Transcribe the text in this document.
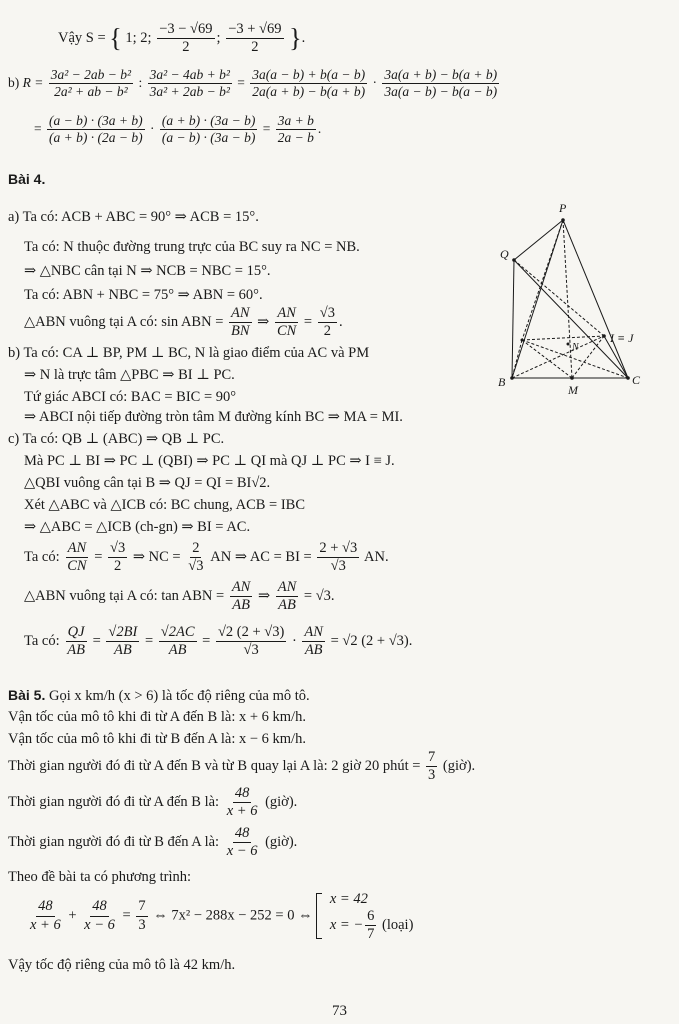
Vậy S = { 1; 2; $\frac{-3 - √69}{2}$ ; $\frac{-3 + √69}{2}$ }.
b) $R = \frac{\text{3a² − 2ab − b²}}{\text{2a² + ab − b²}}$ : $\frac{\text{3a² − 4ab + b²}}{\text{3a² + 2ab − b²}} = \frac{3a(a - b) + b(a - b)}{2a(a + b) - b(a + b)} \cdot \frac{3a(a + b) - b(a + b)}{3a(a - b) - b(a - b)}$
= $\frac{(a - b) \cdot (3a + b)}{(a + b) \cdot (2a - b)} \cdot \frac{(a + b) \cdot (3a - b)}{(a - b) \cdot (3a - b)} = \frac{3a + b}{2a - b}$ .
Bài 4.
a) Ta có: ACB + ABC = 90° ⇒ ACB = 15°.
Ta có: N thuộc đường trung trực của BC suy ra NC = NB.
⇒ △NBC cân tại N ⇒ NCB = NBC = 15°.
Ta có: ABN + NBC = 75° ⇒ ABN = 60°.
△ABN vuông tại A có: sin ABN = $\frac{AN}{BN}$ ⇒ $\frac{AN}{CN} = \frac{√3}{2}$ .
b) Ta có: CA ⊥ BP, PM ⊥ BC, N là giao điểm của AC và PM
⇒ N là trực tâm △PBC ⇒ BI ⊥ PC.
Tứ giác ABCI có: BAC = BIC = 90°
⇒ ABCI nội tiếp đường tròn tâm M đường kính BC ⇒ MA = MI.
c) Ta có: QB ⊥ (ABC) ⇒ QB ⊥ PC.
Mà PC ⊥ BI ⇒ PC ⊥ (QBI) ⇒ PC ⊥ QI mà QJ ⊥ PC ⇒ I ≡ J.
△QBI vuông cân tại B ⇒ QJ = QI = BI√2.
Xét △ABC và △ICB có: BC chung, ACB = IBC
⇒ △ABC = △ICB (ch-gn) ⇒ BI = AC.
Ta có: $\frac{AN}{CN} = \frac{√3}{2}$ ⇒ NC = $\frac{2}{√3}$ AN ⇒ AC = BI = $\frac{2 + √3}{√3}$ AN.
△ABN vuông tại A có: tan ABN = $\frac{AN}{AB}$ ⇒ $\frac{AN}{AB} = √3$.
Ta có: $\frac{QJ}{AB} = \frac{√2BI}{AB} = \frac{√2AC}{AB} = \frac{√2 (2 + √3)}{√3} \cdot \frac{AN}{AB} = √2$ (2 + √3).
Bài 5. Gọi x km/h (x > 6) là tốc độ riêng của mô tô.
Vận tốc của mô tô khi đi từ A đến B là: x + 6 km/h.
Vận tốc của mô tô khi đi từ B đến A là: x − 6 km/h.
Thời gian người đó đi từ A đến B và từ B quay lại A là: 2 giờ 20 phút = $\frac{7}{3}$ (giờ).
Thời gian người đó đi từ A đến B là: $\frac{48}{x + 6}$ (giờ).
Thời gian người đó đi từ B đến A là: $\frac{48}{x - 6}$ (giờ).
Theo đề bài ta có phương trình:
$\frac{48}{x + 6} + \frac{48}{x - 6} = \frac{7}{3}$ ⇔ 7x² − 288x − 252 = 0 ⇔
x = 42
x = − $\frac{6}{7}$ (loại)
Vậy tốc độ riêng của mô tô là 42 km/h.
73
P
Q
N
I ≡ J
B
M
C
